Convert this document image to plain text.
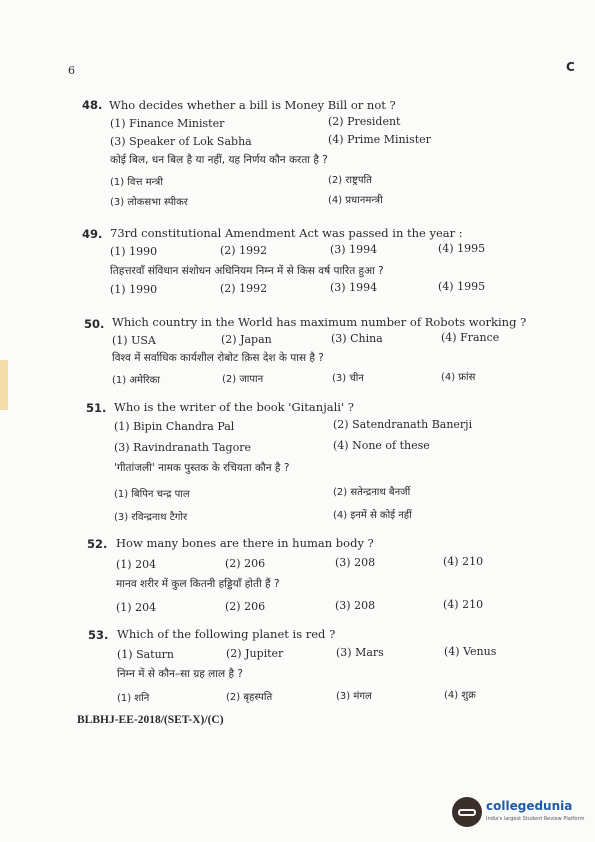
6	C
48. Who decides whether a bill is Money Bill or not ?
(1) Finance Minister	(2) President
(3) Speaker of Lok Sabha	(4) Prime Minister
कोई बिल, धन बिल है या नहीं, यह निर्णय कौन करता है ?
(1) वित्त मन्त्री	(2) राष्ट्रपति
(3) लोकसभा स्पीकर	(4) प्रधानमन्त्री
49. 73rd constitutional Amendment Act was passed in the year :
(1) 1990	(2) 1992	(3) 1994	(4) 1995
तिहत्तरवाँ संविधान संशोधन अधिनियम निम्न में से किस वर्ष पारित हुआ ?
(1) 1990	(2) 1992	(3) 1994	(4) 1995
50. Which country in the World has maximum number of Robots working ?
(1) USA	(2) Japan	(3) China	(4) France
विश्व में सर्वाधिक कार्यशील रोबोट क़िस देश के पास है ?
(1) अमेरिका	(2) जापान	(3) चीन	(4) फ्रांस
51. Who is the writer of the book 'Gitanjali' ?
(1) Bipin Chandra Pal	(2) Satendranath Banerji
(3) Ravindranath Tagore	(4) None of these
'गीतांजली' नामक पुस्तक के रचियता कौन है ?
(1) बिपिन चन्द्र पाल	(2) सतेन्द्रनाथ बैनर्जी
(3) रविन्द्रनाथ टैगोर	(4) इनमें से कोई नहीं
52. How many bones are there in human body ?
(1) 204	(2) 206	(3) 208	(4) 210
मानव शरीर में कुल कितनी हड्डियाँ होती हैं ?
(1) 204	(2) 206	(3) 208	(4) 210
53. Which of the following planet is red ?
(1) Saturn	(2) Jupiter	(3) Mars	(4) Venus
निम्न में से कौन–सा ग्रह लाल है ?
(1) शनि	(2) बृहस्पति	(3) मंगल	(4) शुक्र
BLBHJ-EE-2018/(SET-X)/(C)
collegedunia
India's largest Student Review Platform
